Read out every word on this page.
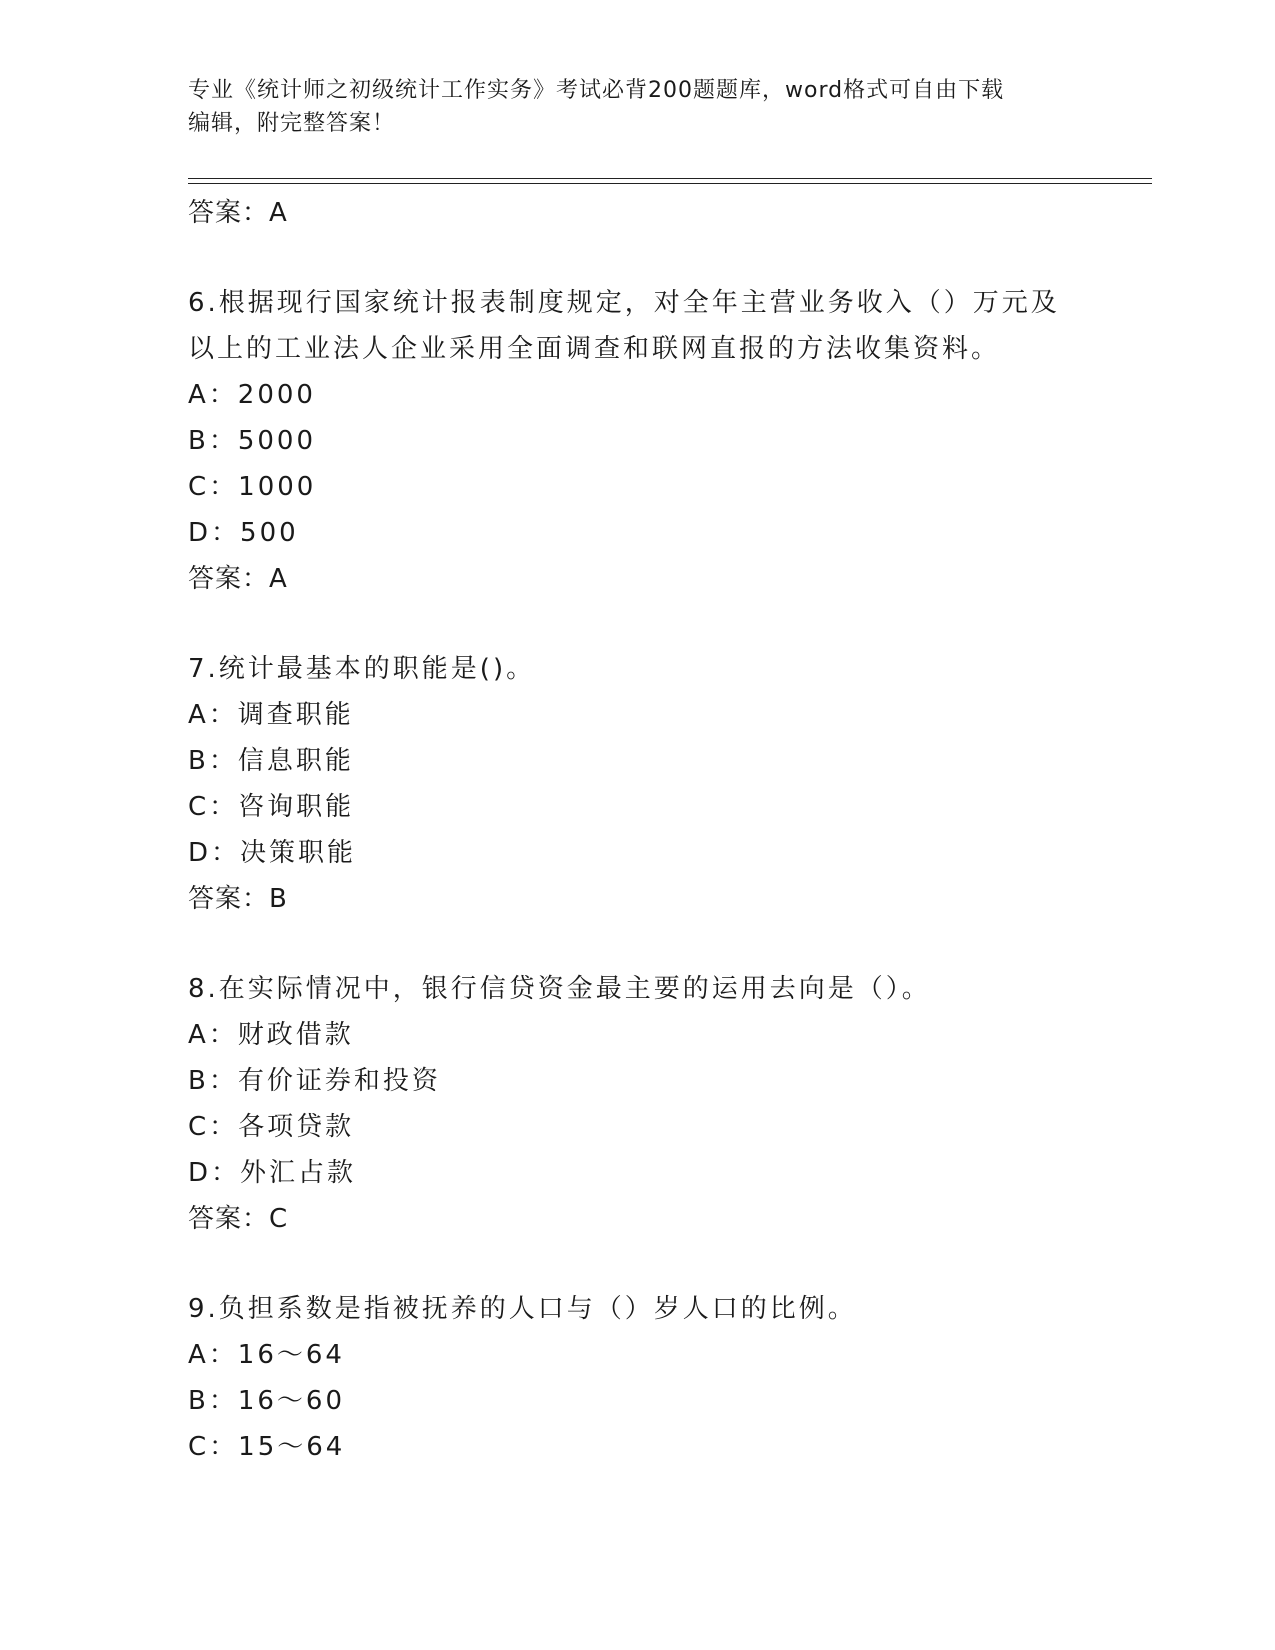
专业《统计师之初级统计工作实务》考试必背200题题库，word格式可自由下载
编辑，附完整答案！
答案：A
6.根据现行国家统计报表制度规定，对全年主营业务收入（）万元及
以上的工业法人企业采用全面调查和联网直报的方法收集资料。
A：2000
B：5000
C：1000
D：500
答案：A
7.统计最基本的职能是()。
A：调查职能
B：信息职能
C：咨询职能
D：决策职能
答案：B
8.在实际情况中，银行信贷资金最主要的运用去向是（）。
A：财政借款
B：有价证券和投资
C：各项贷款
D：外汇占款
答案：C
9.负担系数是指被抚养的人口与（）岁人口的比例。
A：16～64
B：16～60
C：15～64
